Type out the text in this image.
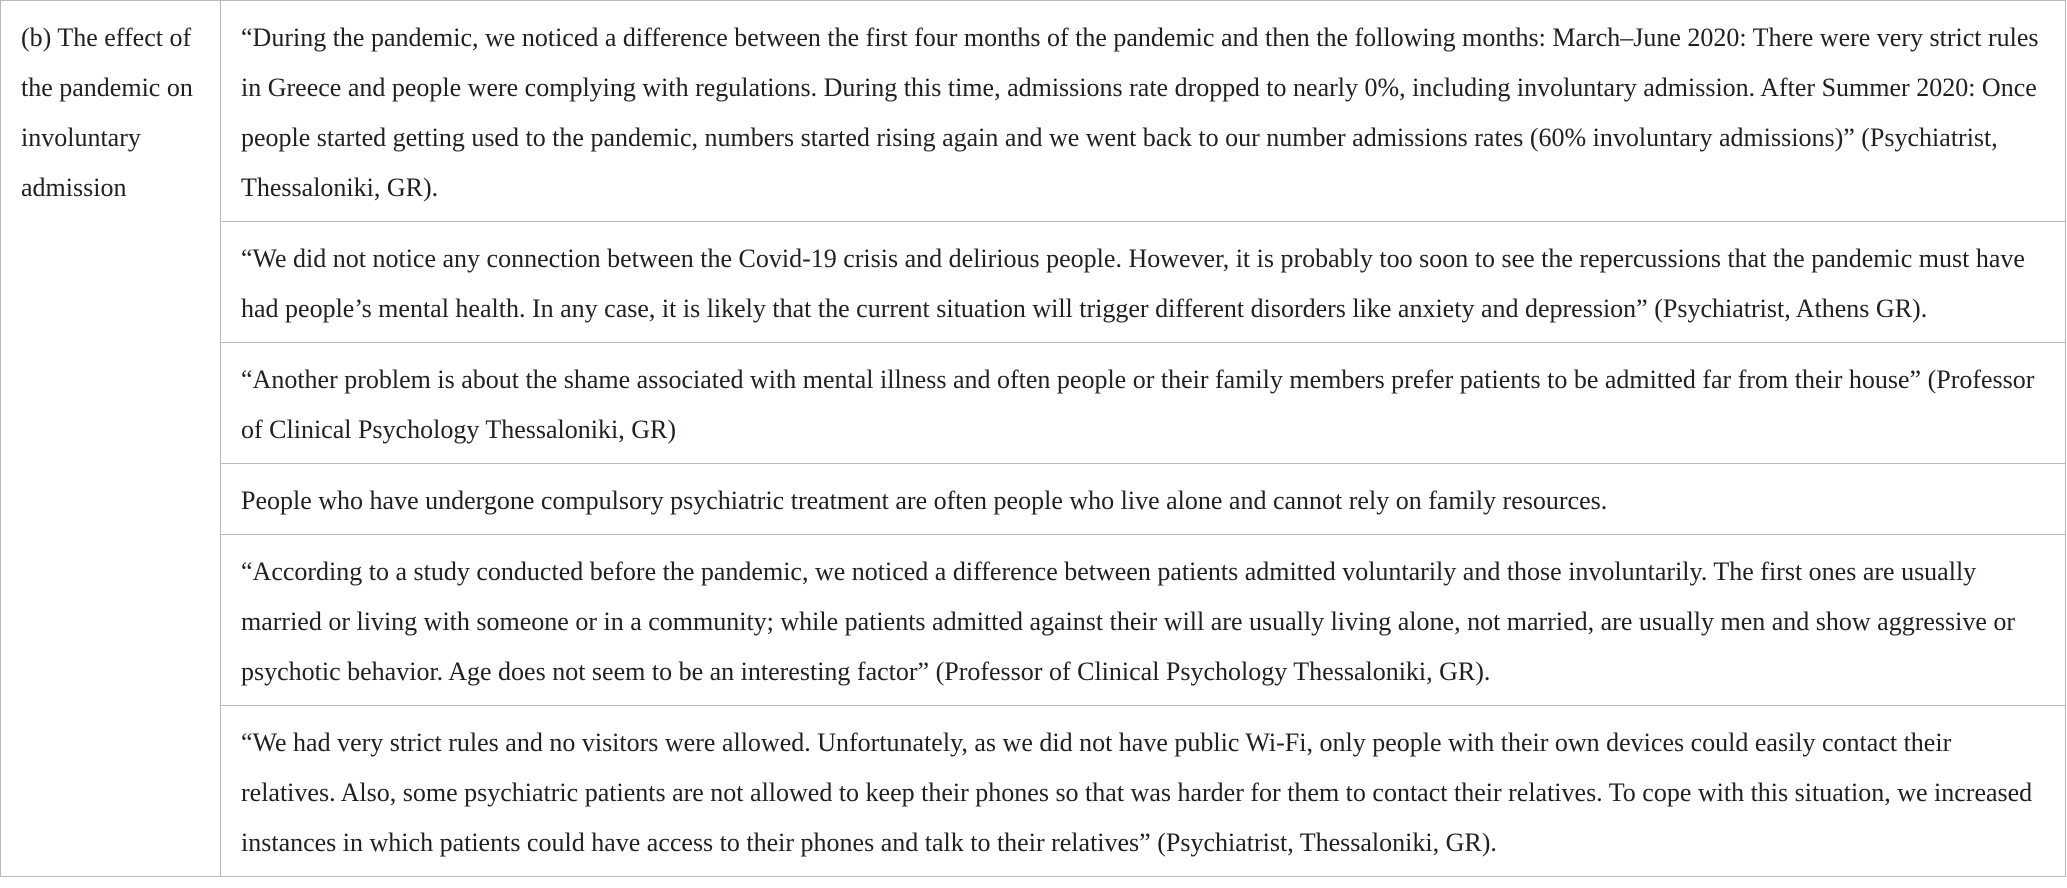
(b) The effect of the pandemic on involuntary admission	“During the pandemic, we noticed a difference between the first four months of the pandemic and then the following months: March–June 2020: There were very strict rules in Greece and people were complying with regulations. During this time, admissions rate dropped to nearly 0%, including involuntary admission. After Summer 2020: Once people started getting used to the pandemic, numbers started rising again and we went back to our number admissions rates (60% involuntary admissions)” (Psychiatrist, Thessaloniki, GR).
“We did not notice any connection between the Covid-19 crisis and delirious people. However, it is probably too soon to see the repercussions that the pandemic must have had people’s mental health. In any case, it is likely that the current situation will trigger different disorders like anxiety and depression” (Psychiatrist, Athens GR).
“Another problem is about the shame associated with mental illness and often people or their family members prefer patients to be admitted far from their house” (Professor of Clinical Psychology Thessaloniki, GR)
People who have undergone compulsory psychiatric treatment are often people who live alone and cannot rely on family resources.
“According to a study conducted before the pandemic, we noticed a difference between patients admitted voluntarily and those involuntarily. The first ones are usually married or living with someone or in a community; while patients admitted against their will are usually living alone, not married, are usually men and show aggressive or psychotic behavior. Age does not seem to be an interesting factor” (Professor of Clinical Psychology Thessaloniki, GR).
“We had very strict rules and no visitors were allowed. Unfortunately, as we did not have public Wi-Fi, only people with their own devices could easily contact their relatives. Also, some psychiatric patients are not allowed to keep their phones so that was harder for them to contact their relatives. To cope with this situation, we increased instances in which patients could have access to their phones and talk to their relatives” (Psychiatrist, Thessaloniki, GR).
